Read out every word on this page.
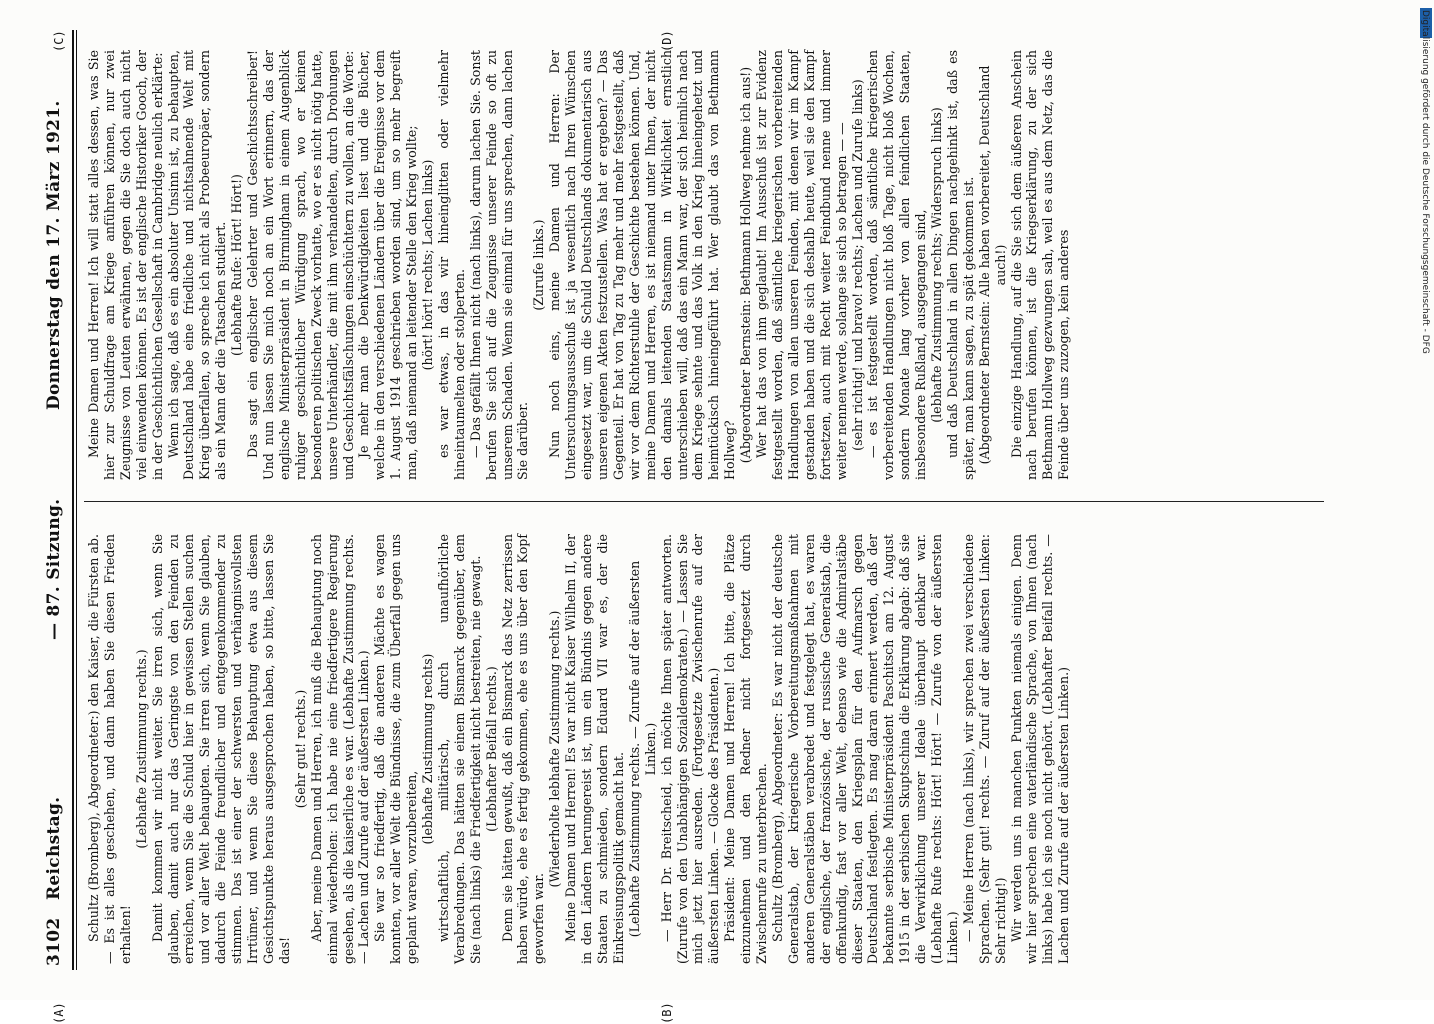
(A)	(B)
3102
Reichstag.
— 87. Sitzung.
Donnerstag den 17. März 1921.

Schultz (Bromberg), Abgeordneter:) den Kaiser, die Fürsten ab. — Es ist alles geschehen, und dann haben Sie diesen Frieden erhalten!

(Lebhafte Zustimmung rechts.) Damit kommen wir nicht weiter. Sie irren sich, wenn Sie glauben, damit auch nur das Geringste von den Feinden zu erreichen, wenn Sie die Schuld hier in gewissen Stellen suchen und vor aller Welt behaupten. Sie irren sich, wenn Sie glauben, dadurch die Feinde freundlicher und entgegenkommender zu stimmen. Das ist einer der schwersten und verhängnisvollsten Irrtümer, und wenn Sie diese Behauptung etwa aus diesem Gesichtspunkte heraus ausgesprochen haben, so bitte, lassen Sie das!

(Sehr gut! rechts.) Aber, meine Damen und Herren, ich muß die Behauptung noch einmal wiederholen: ich habe nie eine friedfertigere Regierung gesehen, als die kaiserliche es war. (Lebhafte Zustimmung rechts. — Lachen und Zurufe auf der äußersten Linken.) Sie war so friedfertig, daß die anderen Mächte es wagen konnten, vor aller Welt die Bündnisse, die zum Überfall gegen uns geplant waren, vorzubereiten,

(lebhafte Zustimmung rechts) wirtschaftlich, militärisch, durch unaufhörliche Verabredungen. Das hätten sie einem Bismarck gegenüber, dem Sie (nach links) die Friedfertigkeit nicht bestreiten, nie gewagt. (Lebhafter Beifall rechts.) Denn sie hätten gewußt, daß ein Bismarck das Netz zerrissen haben würde, ehe es fertig gekommen, ehe es uns über den Kopf geworfen war.

(Wiederholte lebhafte Zustimmung rechts.) Meine Damen und Herren! Es war nicht Kaiser Wilhelm II, der in den Ländern herumgereist ist, um ein Bündnis gegen andere Staaten zu schmieden, sondern Eduard VII war es, der die Einkreisungspolitik gemacht hat. (Lebhafte Zustimmung rechts. — Zurufe auf der äußersten Linken.) — Herr Dr. Breitscheid, ich möchte Ihnen später antworten. (Zurufe von den Unabhängigen Sozialdemokraten.) — Lassen Sie mich jetzt hier ausreden. (Fortgesetzte Zwischenrufe auf der äußersten Linken. — Glocke des Präsidenten.) Präsident: Meine Damen und Herren! Ich bitte, die Plätze einzunehmen und den Redner nicht fortgesetzt durch Zwischenrufe zu unterbrechen. Schultz (Bromberg), Abgeordneter: Es war nicht der deutsche Generalstab, der kriegerische Vorbereitungsmaßnahmen mit anderen Generalstäben verabredet und festgelegt hat, es waren der englische, der französische, der russische Generalstab, die offenkundig, fast vor aller Welt, ebenso wie die Admiralstäbe dieser Staaten, den Kriegsplan für den Aufmarsch gegen Deutschland festlegten. Es mag daran erinnert werden, daß der bekannte serbische Ministerpräsident Paschitsch am 12. August 1915 in der serbischen Skuptschina die Erklärung abgab: daß sie die Verwirklichung unserer Ideale überhaupt denkbar war. (Lebhafte Rufe rechts: Hört! Hört! — Zurufe von der äußersten Linken.) — Meine Herren (nach links), wir sprechen zwei verschiedene Sprachen. (Sehr gut! rechts. — Zuruf auf der äußersten Linken: Sehr richtig!) Wir werden uns in manchen Punkten niemals einigen. Denn wir hier sprechen eine vaterländische Sprache, von Ihnen (nach links) habe ich sie noch nicht gehört. (Lebhafter Beifall rechts. — Lachen und Zurufe auf der äußersten Linken.)

Meine Damen und Herren! Ich will statt alles dessen, was Sie hier zur Schuldfrage am Kriege anführen können, nur zwei Zeugnisse von Leuten erwähnen, gegen die Sie doch auch nicht viel einwenden können. Es ist der englische Historiker Gooch, der in der Geschichtlichen Gesellschaft in Cambridge neulich erklärte: Wenn ich sage, daß es ein absoluter Unsinn ist, zu behaupten, Deutschland habe eine friedliche und nichtsahnende Welt mit Krieg überfallen, so spreche ich nicht als Probeeuropäer, sondern als ein Mann der die Tatsachen studiert. (Lebhafte Rufe: Hört! Hört!) Das sagt ein englischer Gelehrter und Geschichtsschreiber! Und nun lassen Sie mich noch an ein Wort erinnern, das der englische Ministerpräsident in Birmingham in einem Augenblick ruhiger geschichtlicher Würdigung sprach, wo er keinen besonderen politischen Zweck vorhatte, wo er es nicht nötig hatte, unsere Unterhändler, die mit ihm verhandelten, durch Drohungen und Geschichtsfälschungen einschüchtern zu wollen, an die Worte: Je mehr man die Denkwürdigkeiten liest und die Bücher, welche in den verschiedenen Ländern über die Ereignisse vor dem 1. August 1914 geschrieben worden sind, um so mehr begreift man, daß niemand an leitender Stelle den Krieg wollte; (hört! hört! rechts; Lachen links) es war etwas, in das wir hineinglitten oder vielmehr hineintaumelten oder stolperten. — Das gefällt Ihnen nicht (nach links), darum lachen Sie. Sonst berufen Sie sich auf die Zeugnisse unserer Feinde so oft zu unserem Schaden. Wenn sie einmal für uns sprechen, dann lachen Sie darüber.

(Zurufe links.) Nun noch eins, meine Damen und Herren: Der Untersuchungsausschuß ist ja wesentlich nach Ihren Wünschen eingesetzt war, um die Schuld Deutschlands dokumentarisch aus unseren eigenen Akten festzustellen. Was hat er ergeben? — Das Gegenteil. Er hat von Tag zu Tag mehr und mehr festgestellt, daß wir vor dem Richterstuhle der Geschichte bestehen können. Und, meine Damen und Herren, es ist niemand unter Ihnen, der nicht den damals leitenden Staatsmann in Wirklichkeit ernstlich unterschieben will, daß das ein Mann war, der sich heimlich nach dem Kriege sehnte und das Volk in den Krieg hineingehetzt und heimtückisch hineingeführt hat. Wer glaubt das von Bethmann Hollweg? (Abgeordneter Bernstein: Bethmann Hollweg nehme ich aus!) Wer hat das von ihm geglaubt! Im Ausschuß ist zur Evidenz festgestellt worden, daß sämtliche kriegerischen vorbereitenden Handlungen von allen unseren Feinden, mit denen wir im Kampf gestanden haben und die sich deshalb heute, weil sie den Kampf fortsetzen, auch mit Recht weiter Feindbund nenne und immer weiter nennen werde, solange sie sich so betragen — — (sehr richtig! und bravo! rechts; Lachen und Zurufe links) — es ist festgestellt worden, daß sämtliche kriegerischen vorbereitenden Handlungen nicht bloß Tage, nicht bloß Wochen, sondern Monate lang vorher von allen feindlichen Staaten, insbesondere Rußland, ausgegangen sind, (lebhafte Zustimmung rechts; Widerspruch links) und daß Deutschland in allen Dingen nachgehinkt ist, daß es später, man kann sagen, zu spät gekommen ist. (Abgeordneter Bernstein: Alle haben vorbereitet, Deutschland auch!) Die einzige Handlung, auf die Sie sich dem äußeren Anschein nach berufen können, ist die Kriegserklärung, zu der sich Bethmann Hollweg gezwungen sah, weil es aus dem Netz, das die Feinde über uns zuzogen, kein anderes

(C)	(D)	Digitalisierung gefördert durch die Deutsche Forschungsgemeinschaft - DFG
